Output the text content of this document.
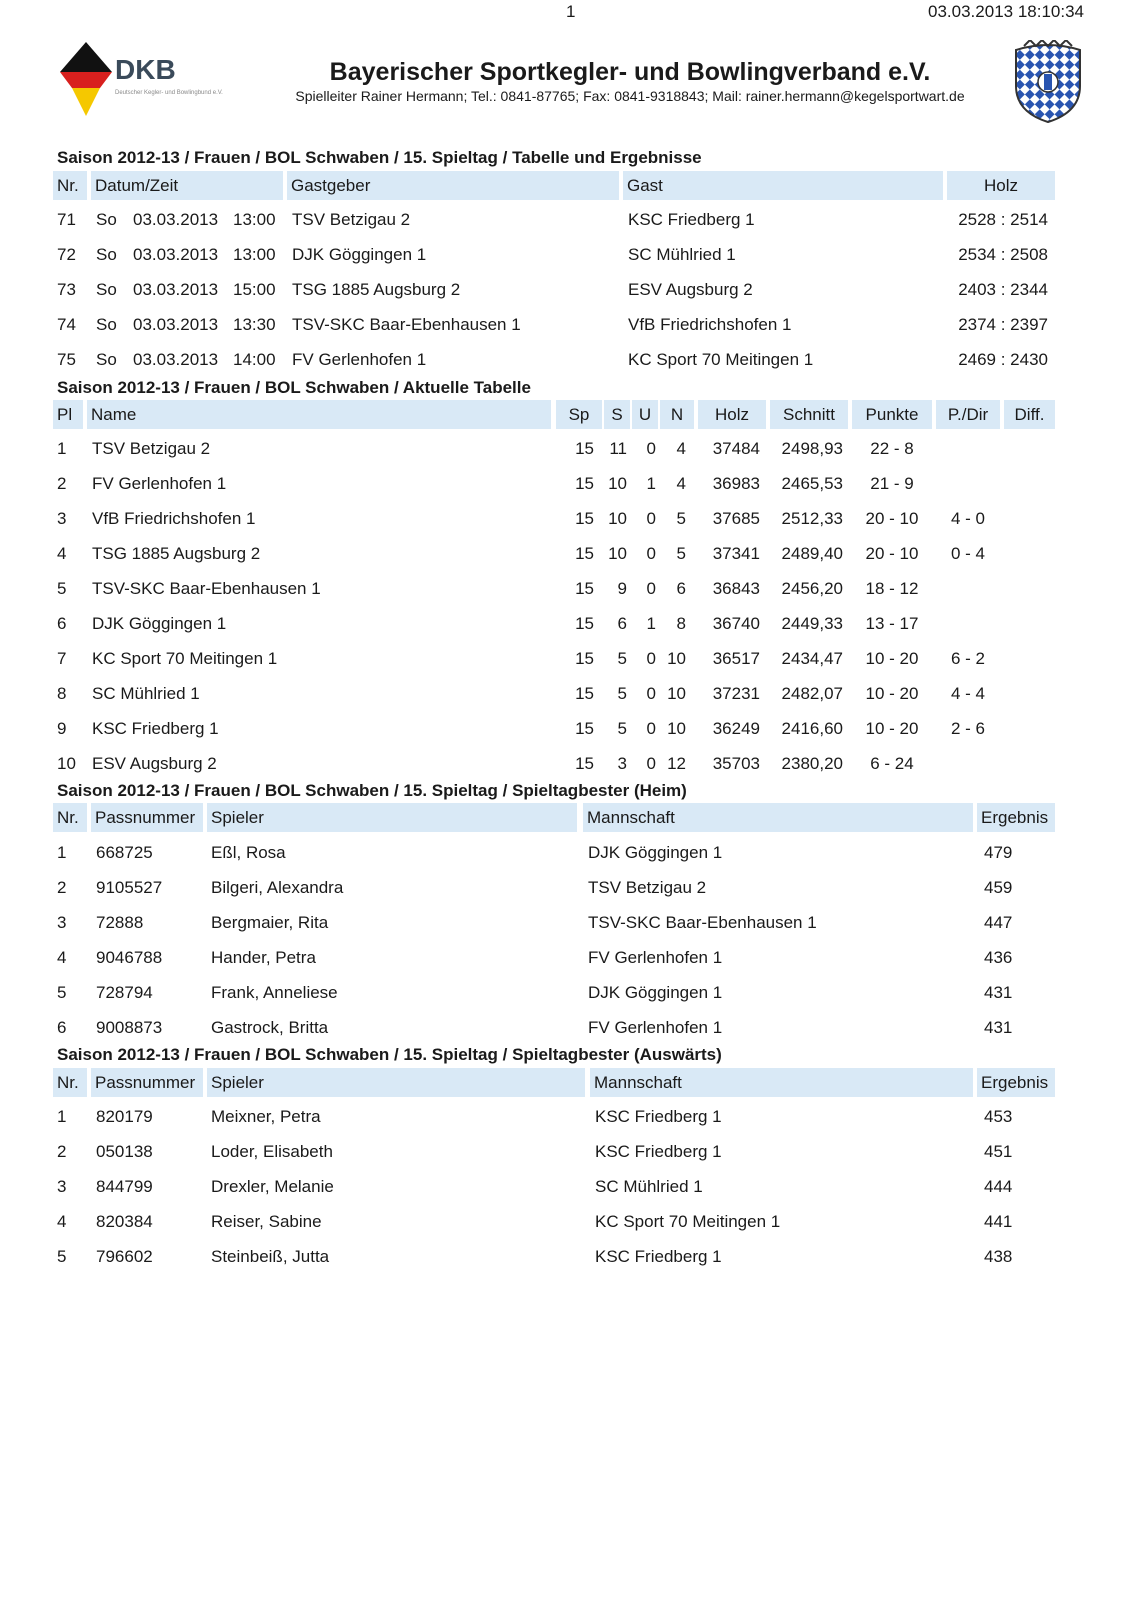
1	03.03.2013 18:10:34
DKB
Deutscher Kegler- und Bowlingbund e.V.
Bayerischer Sportkegler- und Bowlingverband e.V.
Spielleiter Rainer Hermann; Tel.: 0841-87765; Fax: 0841-9318843; Mail: rainer.hermann@kegelsportwart.de
Saison 2012-13 / Frauen / BOL Schwaben / 15. Spieltag / Tabelle und Ergebnisse
Nr. Datum/Zeit	Gastgeber	Gast	Holz
71 So 03.03.2013 13:00 TSV Betzigau 2	KSC Friedberg 1	2528 : 2514
72 So 03.03.2013 13:00 DJK Göggingen 1	SC Mühlried 1	2534 : 2508
73 So 03.03.2013 15:00 TSG 1885 Augsburg 2	ESV Augsburg 2	2403 : 2344
74 So 03.03.2013 13:30 TSV-SKC Baar-Ebenhausen 1	VfB Friedrichshofen 1	2374 : 2397
75 So 03.03.2013 14:00 FV Gerlenhofen 1	KC Sport 70 Meitingen 1	2469 : 2430
Saison 2012-13 / Frauen / BOL Schwaben / Aktuelle Tabelle
Pl	Name	Sp	S U	N	Holz	Schnitt	Punkte	P./Dir	Diff.
1 TSV Betzigau 2	15 11	0	4	37484	2498,93	22 - 8
2 FV Gerlenhofen 1	15 10	1	4	36983	2465,53	21 - 9
3 VfB Friedrichshofen 1	15 10	0	5	37685	2512,33	20 - 10	4 - 0
4 TSG 1885 Augsburg 2	15 10	0	5	37341	2489,40	20 - 10	0 - 4
5 TSV-SKC Baar-Ebenhausen 1	15	9	0	6	36843	2456,20	18 - 12
6 DJK Göggingen 1	15	6	1	8	36740	2449,33	13 - 17
7 KC Sport 70 Meitingen 1	15	5	0 10	36517	2434,47	10 - 20	6 - 2
8 SC Mühlried 1	15	5	0 10	37231	2482,07	10 - 20	4 - 4
9 KSC Friedberg 1	15	5	0 10	36249	2416,60	10 - 20	2 - 6
10 ESV Augsburg 2	15	3	0 12	35703	2380,20	6 - 24
Saison 2012-13 / Frauen / BOL Schwaben / 15. Spieltag / Spieltagbester (Heim)
Nr. Passnummer Spieler	Mannschaft	Ergebnis
1 668725	Eßl, Rosa	DJK Göggingen 1	479
2 9105527	Bilgeri, Alexandra	TSV Betzigau 2	459
3 72888	Bergmaier, Rita	TSV-SKC Baar-Ebenhausen 1	447
4 9046788	Hander, Petra	FV Gerlenhofen 1	436
5 728794	Frank, Anneliese	DJK Göggingen 1	431
6 9008873	Gastrock, Britta	FV Gerlenhofen 1	431
Saison 2012-13 / Frauen / BOL Schwaben / 15. Spieltag / Spieltagbester (Auswärts)
Nr. Passnummer Spieler	Mannschaft	Ergebnis
1 820179	Meixner, Petra	KSC Friedberg 1	453
2 050138	Loder, Elisabeth	KSC Friedberg 1	451
3 844799	Drexler, Melanie	SC Mühlried 1	444
4 820384	Reiser, Sabine	KC Sport 70 Meitingen 1	441
5 796602	Steinbeiß, Jutta	KSC Friedberg 1	438
